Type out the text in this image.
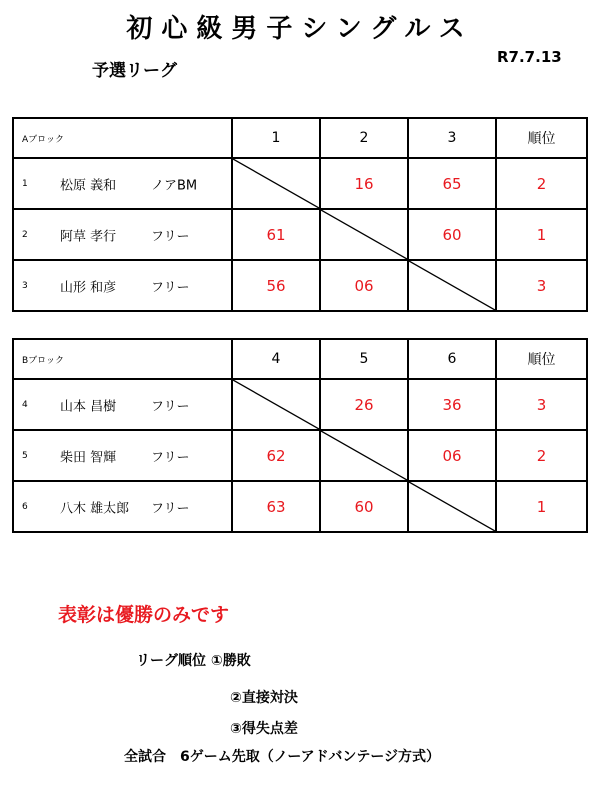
初心級男子シングルス
予選リーグ
R7.7.13
Aブロック	1	2	3	順位

1 松原 義和 ノアBM		16	65	2

2 阿草 孝行 フリー	61		60	1

3 山形 和彦 フリー	56	06		3
Bブロック	4	5	6	順位

4 山本 昌樹 フリー		26	36	3

5 柴田 智輝 フリー	62		06	2

6 八木 雄太郎 フリー	63	60		1
表彰は優勝のみです
リーグ順位 ①勝敗
②直接対決
③得失点差
全試合　6ゲーム先取（ノーアドバンテージ方式）
